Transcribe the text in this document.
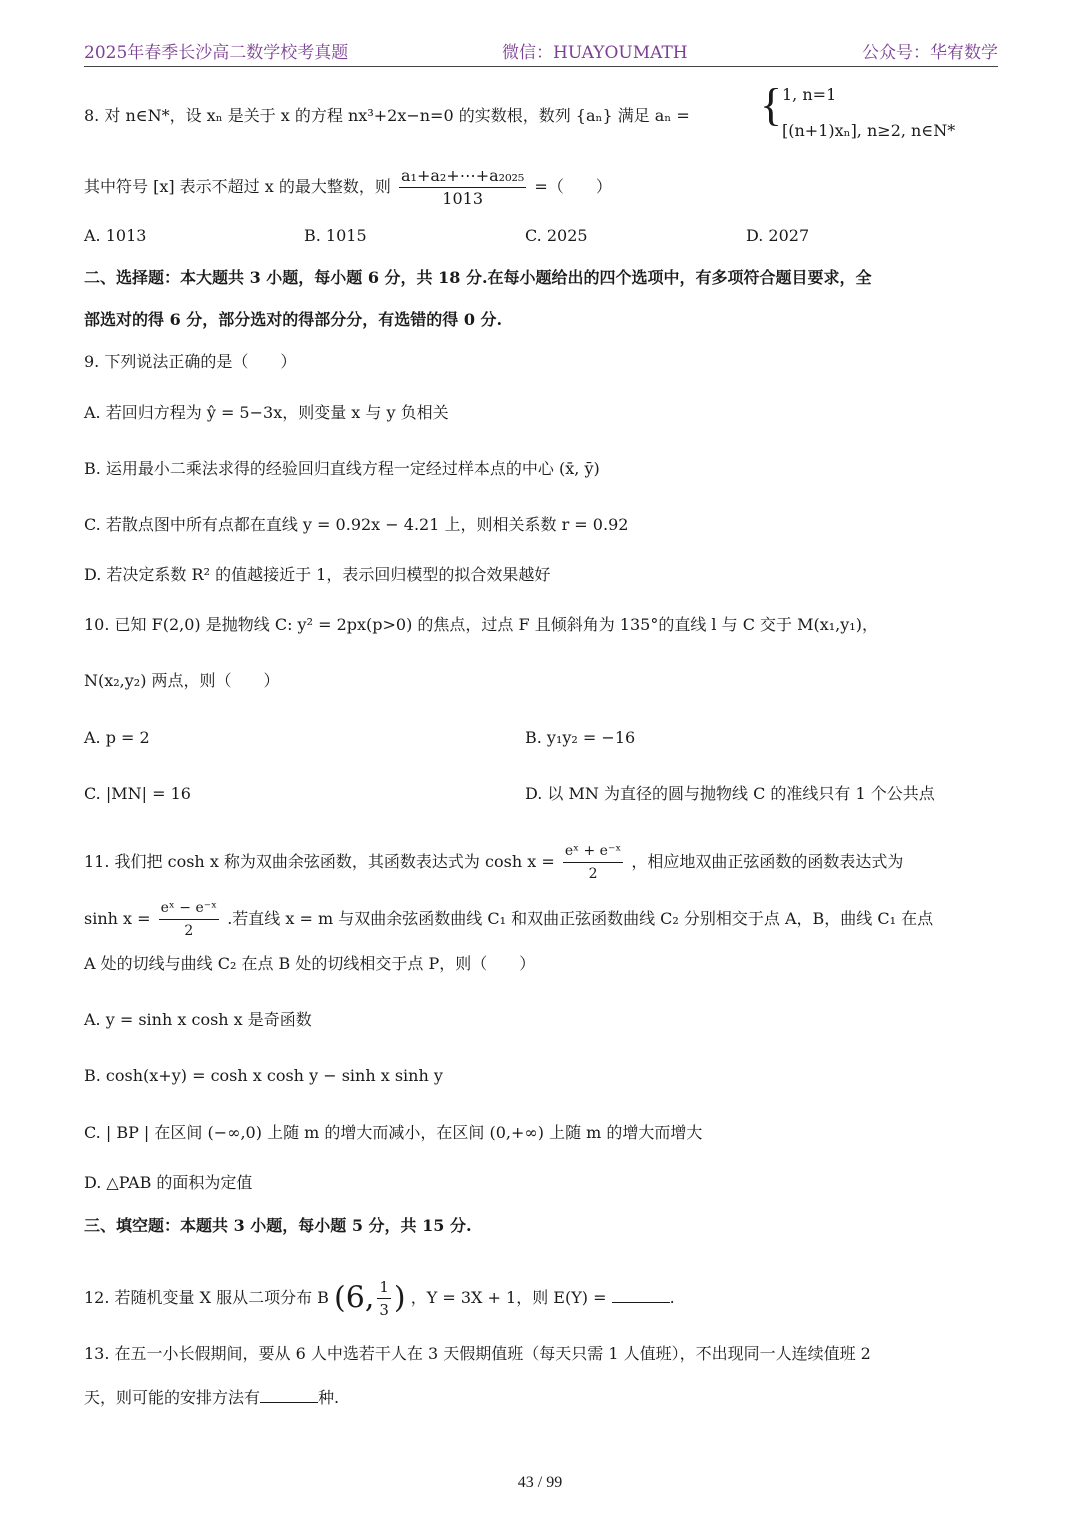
2025年春季长沙高二数学校考真题	微信：HUAYOUMATH	公众号：华宥数学
8. 对 n∈N*，设 xₙ 是关于 x 的方程 nx³+2x−n=0 的实数根，数列 {aₙ} 满足 aₙ = { 1, n=1
[(n+1)xₙ], n≥2, n∈N*
其中符号 [x] 表示不超过 x 的最大整数，则 $\frac{\text{a₁+a₂+⋯+a₂₀₂₅}}{1013}$ =（　　）
A. 1013	B. 1015	C. 2025	D. 2027
二、选择题：本大题共 3 小题，每小题 6 分，共 18 分.在每小题给出的四个选项中，有多项符合题目要求，全
部选对的得 6 分，部分选对的得部分分，有选错的得 0 分.
9. 下列说法正确的是（　　）
A. 若回归方程为 ŷ = 5−3x，则变量 x 与 y 负相关
B. 运用最小二乘法求得的经验回归直线方程一定经过样本点的中心 (x̄, ȳ)
C. 若散点图中所有点都在直线 y = 0.92x − 4.21 上，则相关系数 r = 0.92
D. 若决定系数 R² 的值越接近于 1，表示回归模型的拟合效果越好
10. 已知 F(2,0) 是抛物线 C: y² = 2px(p>0) 的焦点，过点 F 且倾斜角为 135°的直线 l 与 C 交于 M(x₁,y₁)，
N(x₂,y₂) 两点，则（　　）
A. p = 2	B. y₁y₂ = −16
C. |MN| = 16	D. 以 MN 为直径的圆与抛物线 C 的准线只有 1 个公共点
11. 我们把 cosh x 称为双曲余弦函数，其函数表达式为 $\cosh x = \frac{\text{eˣ + e⁻ˣ}}{2}$ ，相应地双曲正弦函数的函数表达式为
$\sinh x = \frac{\text{eˣ − e⁻ˣ}}{2}$ .若直线 x = m 与双曲余弦函数曲线 C₁ 和双曲正弦函数曲线 C₂ 分别相交于点 A，B，曲线 C₁ 在点
A 处的切线与曲线 C₂ 在点 B 处的切线相交于点 P，则（　　）
A. y = sinh x cosh x 是奇函数
B. cosh(x+y) = cosh x cosh y − sinh x sinh y
C. | BP | 在区间 (−∞,0) 上随 m 的增大而减小，在区间 (0,+∞) 上随 m 的增大而增大
D. △PAB 的面积为定值
三、填空题：本题共 3 小题，每小题 5 分，共 15 分.
12. 若随机变量 X 服从二项分布 B (6, $\frac{1}{3}$ ) ，Y = 3X + 1，则 E(Y) =	.
13. 在五一小长假期间，要从 6 人中选若干人在 3 天假期值班（每天只需 1 人值班），不出现同一人连续值班 2
天，则可能的安排方法有	种.
43 / 99
